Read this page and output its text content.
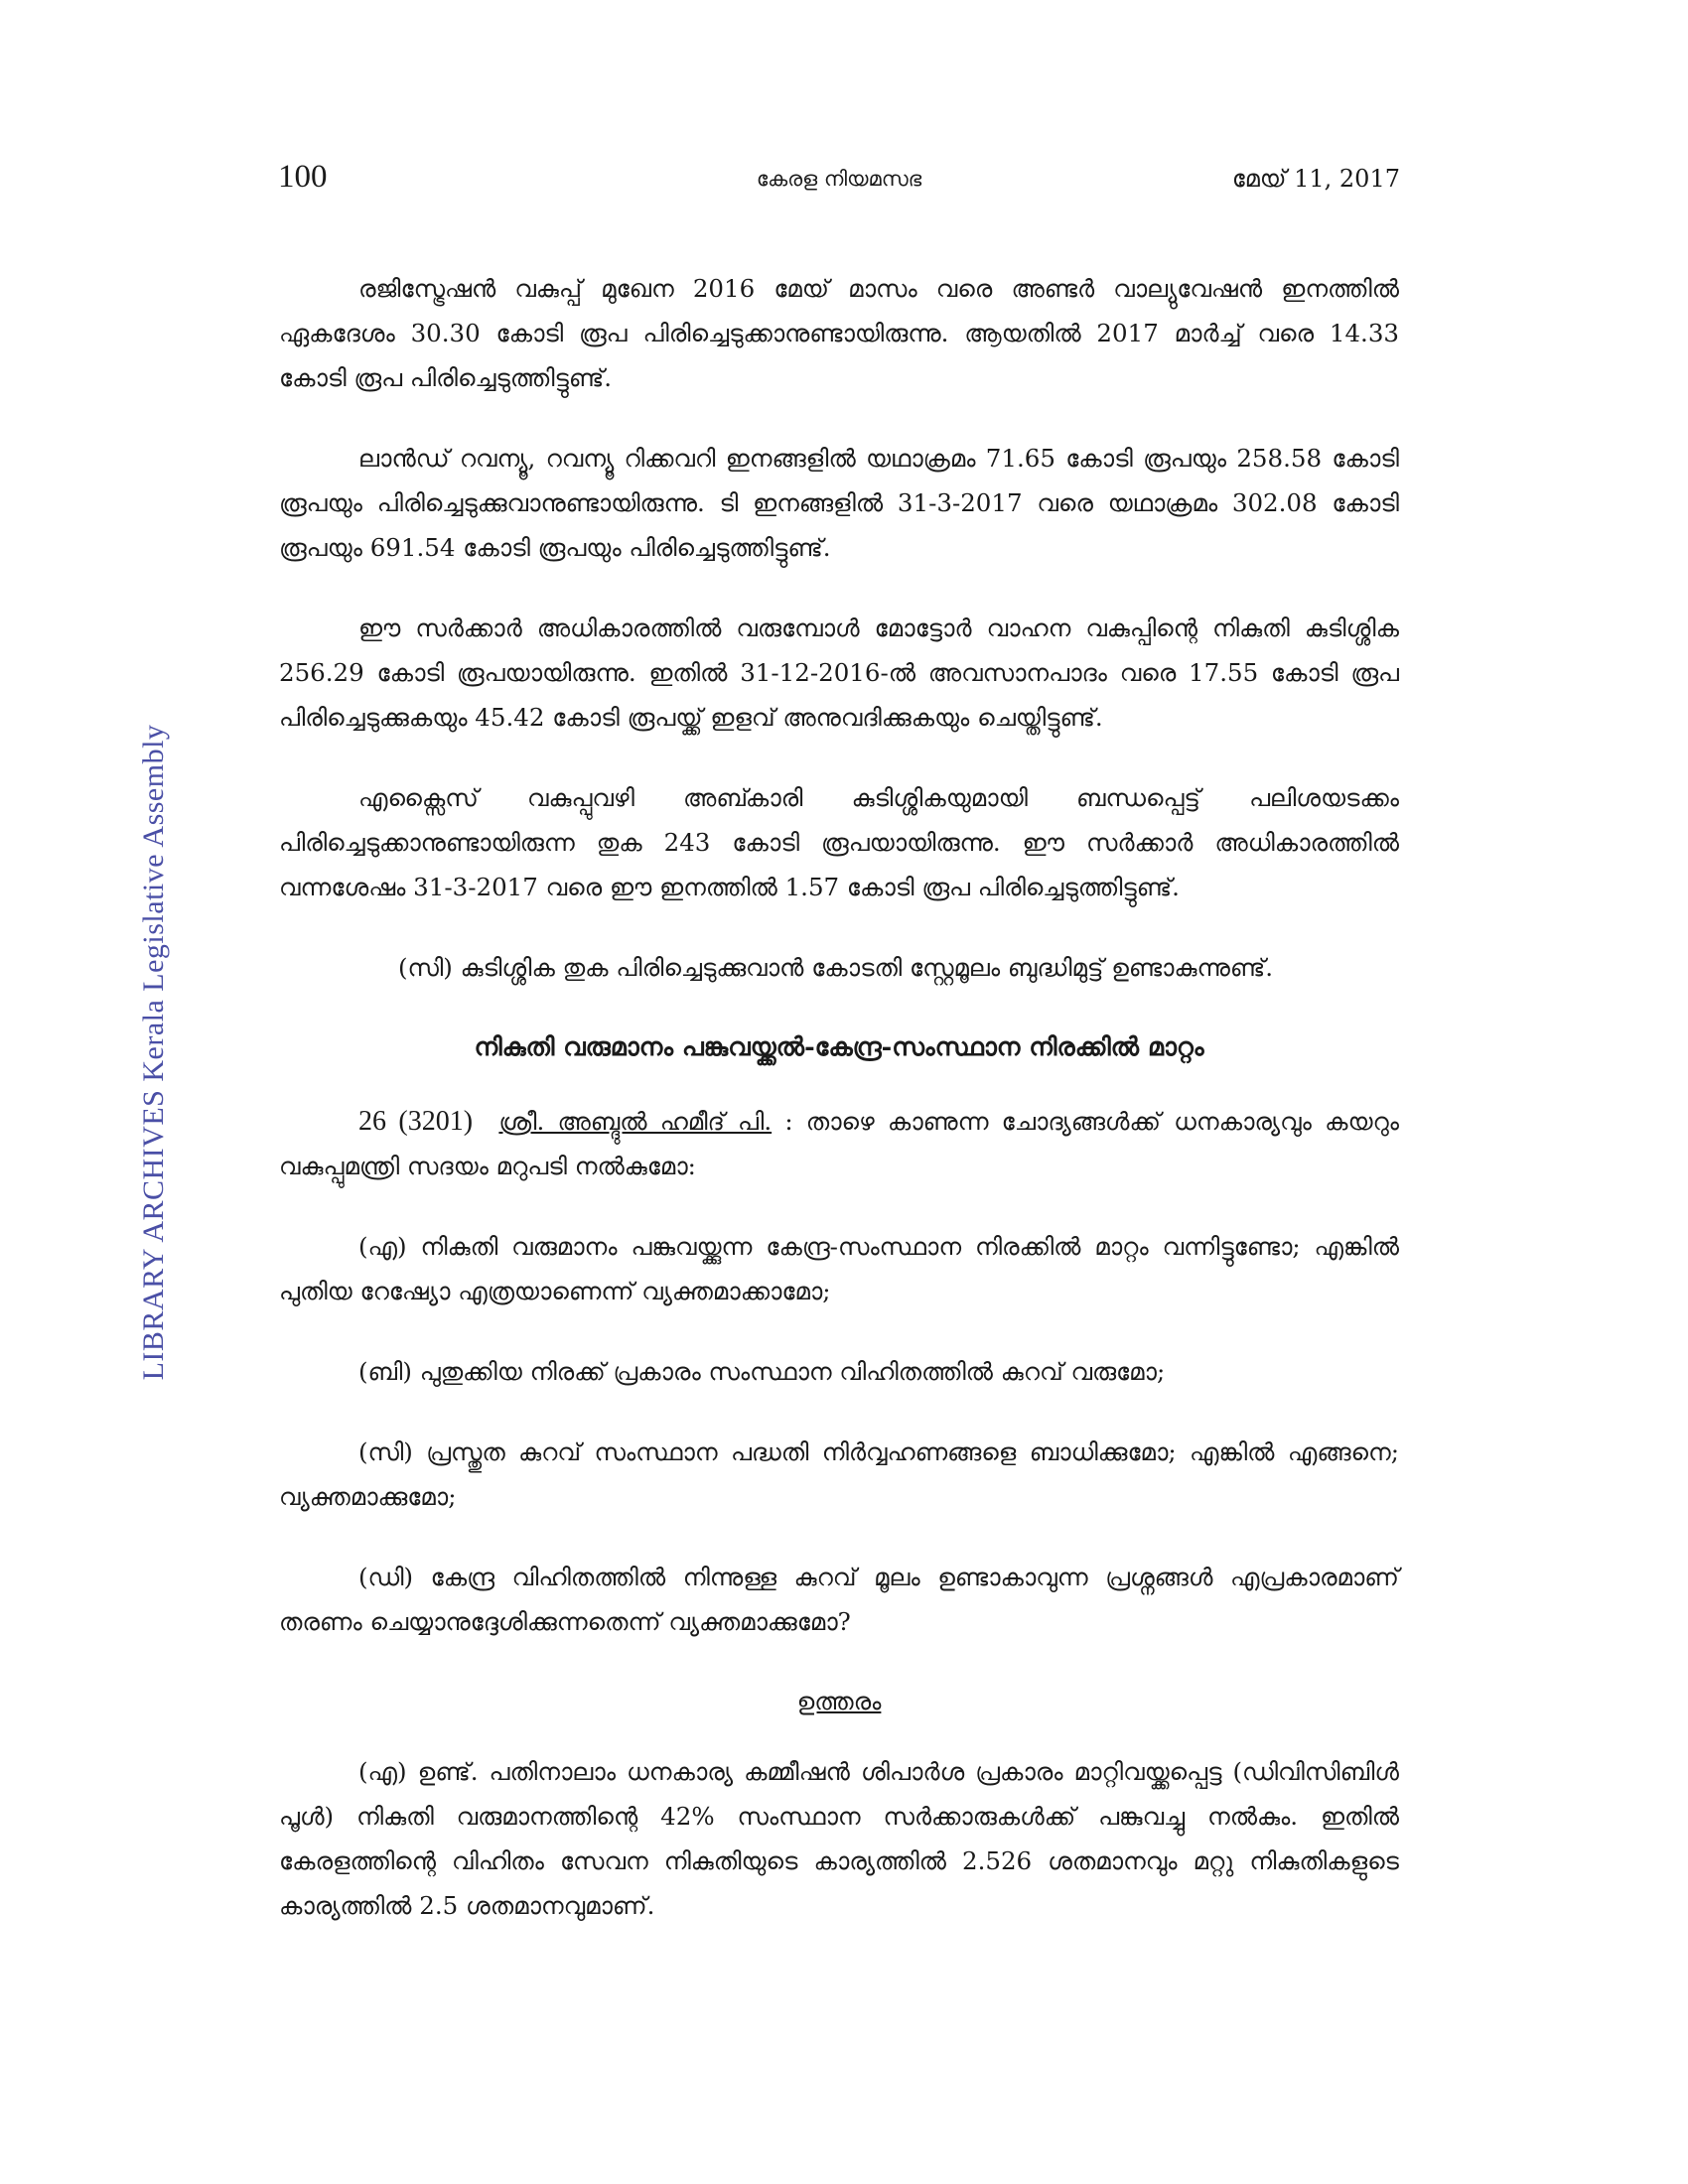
100	കേരള നിയമസഭ	മേയ് 11, 2017
LIBRARY ARCHIVES Kerala Legislative Assembly

രജിസ്ട്രേഷൻ വകുപ്പ് മുഖേന 2016 മേയ് മാസം വരെ അണ്ടർ വാല്യുവേഷൻ ഇനത്തിൽ ഏകദേശം 30.30 കോടി രൂപ പിരിച്ചെടുക്കാനുണ്ടായിരുന്നു. ആയതിൽ 2017 മാർച്ച് വരെ 14.33 കോടി രൂപ പിരിച്ചെടുത്തിട്ടുണ്ട്.

ലാൻഡ് റവന്യൂ, റവന്യൂ റിക്കവറി ഇനങ്ങളിൽ യഥാക്രമം 71.65 കോടി രൂപയും 258.58 കോടി രൂപയും പിരിച്ചെടുക്കുവാനുണ്ടായിരുന്നു. ടി ഇനങ്ങളിൽ 31-3-2017 വരെ യഥാക്രമം 302.08 കോടി രൂപയും 691.54 കോടി രൂപയും പിരിച്ചെടുത്തിട്ടുണ്ട്.

ഈ സർക്കാർ അധികാരത്തിൽ വരുമ്പോൾ മോട്ടോർ വാഹന വകുപ്പിന്റെ നികുതി കുടിശ്ശിക 256.29 കോടി രൂപയായിരുന്നു. ഇതിൽ 31-12-2016-ൽ അവസാനപാദം വരെ 17.55 കോടി രൂപ പിരിച്ചെടുക്കുകയും 45.42 കോടി രൂപയ്ക്ക് ഇളവ് അനുവദിക്കുകയും ചെയ്തിട്ടുണ്ട്.

എക്സൈസ് വകുപ്പുവഴി അബ്കാരി കുടിശ്ശികയുമായി ബന്ധപ്പെട്ട് പലിശയടക്കം പിരിച്ചെടുക്കാനുണ്ടായിരുന്ന തുക 243 കോടി രൂപയായിരുന്നു. ഈ സർക്കാർ അധികാരത്തിൽ വന്നശേഷം 31-3-2017 വരെ ഈ ഇനത്തിൽ 1.57 കോടി രൂപ പിരിച്ചെടുത്തിട്ടുണ്ട്.

(സി) കുടിശ്ശിക തുക പിരിച്ചെടുക്കുവാൻ കോടതി സ്റ്റേമൂലം ബുദ്ധിമുട്ട് ഉണ്ടാകുന്നുണ്ട്.

നികുതി വരുമാനം പങ്കുവയ്ക്കൽ-കേന്ദ്ര-സംസ്ഥാന നിരക്കിൽ മാറ്റം

26 (3201) ശ്രീ. അബ്ദുൽ ഹമീദ് പി. : താഴെ കാണുന്ന ചോദ്യങ്ങൾക്ക് ധനകാര്യവും കയറും വകുപ്പുമന്ത്രി സദയം മറുപടി നൽകുമോ:

(എ) നികുതി വരുമാനം പങ്കുവയ്ക്കുന്ന കേന്ദ്ര-സംസ്ഥാന നിരക്കിൽ മാറ്റം വന്നിട്ടുണ്ടോ; എങ്കിൽ പുതിയ റേഷ്യോ എത്രയാണെന്ന് വ്യക്തമാക്കാമോ;

(ബി) പുതുക്കിയ നിരക്ക് പ്രകാരം സംസ്ഥാന വിഹിതത്തിൽ കുറവ് വരുമോ;

(സി) പ്രസ്തുത കുറവ് സംസ്ഥാന പദ്ധതി നിർവ്വഹണങ്ങളെ ബാധിക്കുമോ; എങ്കിൽ എങ്ങനെ; വ്യക്തമാക്കുമോ;

(ഡി) കേന്ദ്ര വിഹിതത്തിൽ നിന്നുള്ള കുറവ് മൂലം ഉണ്ടാകാവുന്ന പ്രശ്നങ്ങൾ എപ്രകാരമാണ് തരണം ചെയ്യാനുദ്ദേശിക്കുന്നതെന്ന് വ്യക്തമാക്കുമോ?

ഉത്തരം

(എ) ഉണ്ട്. പതിനാലാം ധനകാര്യ കമ്മീഷൻ ശിപാർശ പ്രകാരം മാറ്റിവയ്ക്കപ്പെട്ട (ഡിവിസിബിൾ പൂൾ) നികുതി വരുമാനത്തിന്റെ 42% സംസ്ഥാന സർക്കാരുകൾക്ക് പങ്കുവച്ചു നൽകും. ഇതിൽ കേരളത്തിന്റെ വിഹിതം സേവന നികുതിയുടെ കാര്യത്തിൽ 2.526 ശതമാനവും മറ്റു നികുതികളുടെ കാര്യത്തിൽ 2.5 ശതമാനവുമാണ്.
